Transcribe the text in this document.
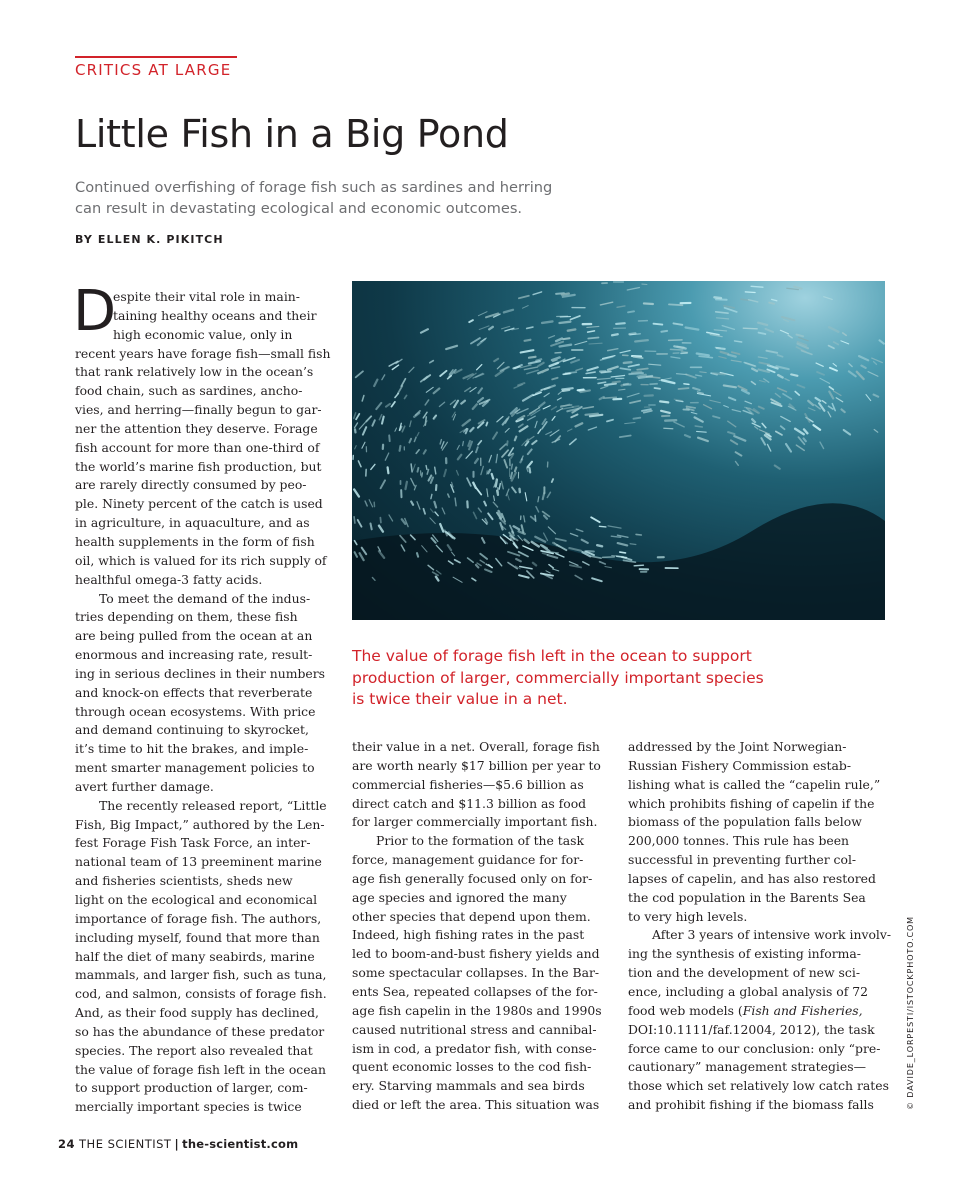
CRITICS AT LARGE
Little Fish in a Big Pond
Continued overfishing of forage fish such as sardines and herring
can result in devastating ecological and economic outcomes.
BY ELLEN K. PIKITCH
D
espite their vital role in main-
taining healthy oceans and their
high economic value, only in
recent years have forage fish—small fish
that rank relatively low in the ocean’s
food chain, such as sardines, ancho-
vies, and herring—finally begun to gar-
ner the attention they deserve. Forage
fish account for more than one-third of
the world’s marine fish production, but
are rarely directly consumed by peo-
ple. Ninety percent of the catch is used
in agriculture, in aquaculture, and as
health supplements in the form of fish
oil, which is valued for its rich supply of
healthful omega-3 fatty acids.
To meet the demand of the indus-
tries depending on them, these fish
are being pulled from the ocean at an
enormous and increasing rate, result-
ing in serious declines in their numbers
and knock-on effects that reverberate
through ocean ecosystems. With price
and demand continuing to skyrocket,
it’s time to hit the brakes, and imple-
ment smarter management policies to
avert further damage.
The recently released report, “Little
Fish, Big Impact,” authored by the Len-
fest Forage Fish Task Force, an inter-
national team of 13 preeminent marine
and fisheries scientists, sheds new
light on the ecological and economical
importance of forage fish. The authors,
including myself, found that more than
half the diet of many seabirds, marine
mammals, and larger fish, such as tuna,
cod, and salmon, consists of forage fish.
And, as their food supply has declined,
so has the abundance of these predator
species. The report also revealed that
the value of forage fish left in the ocean
to support production of larger, com-
mercially important species is twice
The value of forage fish left in the ocean to support
production of larger, commercially important species
is twice their value in a net.
their value in a net. Overall, forage fish
are worth nearly $17 billion per year to
commercial fisheries—$5.6 billion as
direct catch and $11.3 billion as food
for larger commercially important fish.
Prior to the formation of the task
force, management guidance for for-
age fish generally focused only on for-
age species and ignored the many
other species that depend upon them.
Indeed, high fishing rates in the past
led to boom-and-bust fishery yields and
some spectacular collapses. In the Bar-
ents Sea, repeated collapses of the for-
age fish capelin in the 1980s and 1990s
caused nutritional stress and cannibal-
ism in cod, a predator fish, with conse-
quent economic losses to the cod fish-
ery. Starving mammals and sea birds
died or left the area. This situation was
addressed by the Joint Norwegian-
Russian Fishery Commission estab-
lishing what is called the “capelin rule,”
which prohibits fishing of capelin if the
biomass of the population falls below
200,000 tonnes. This rule has been
successful in preventing further col-
lapses of capelin, and has also restored
the cod population in the Barents Sea
to very high levels.
After 3 years of intensive work involv-
ing the synthesis of existing informa-
tion and the development of new sci-
ence, including a global analysis of 72
food web models (Fish and Fisheries,
DOI:10.1111/faf.12004, 2012), the task
force came to our conclusion: only “pre-
cautionary” management strategies—
those which set relatively low catch rates
and prohibit fishing if the biomass falls	© DAVIDE_LORPESTI/ISTOCKPHOTO.COM
24 THE SCIENTIST | the-scientist.com
